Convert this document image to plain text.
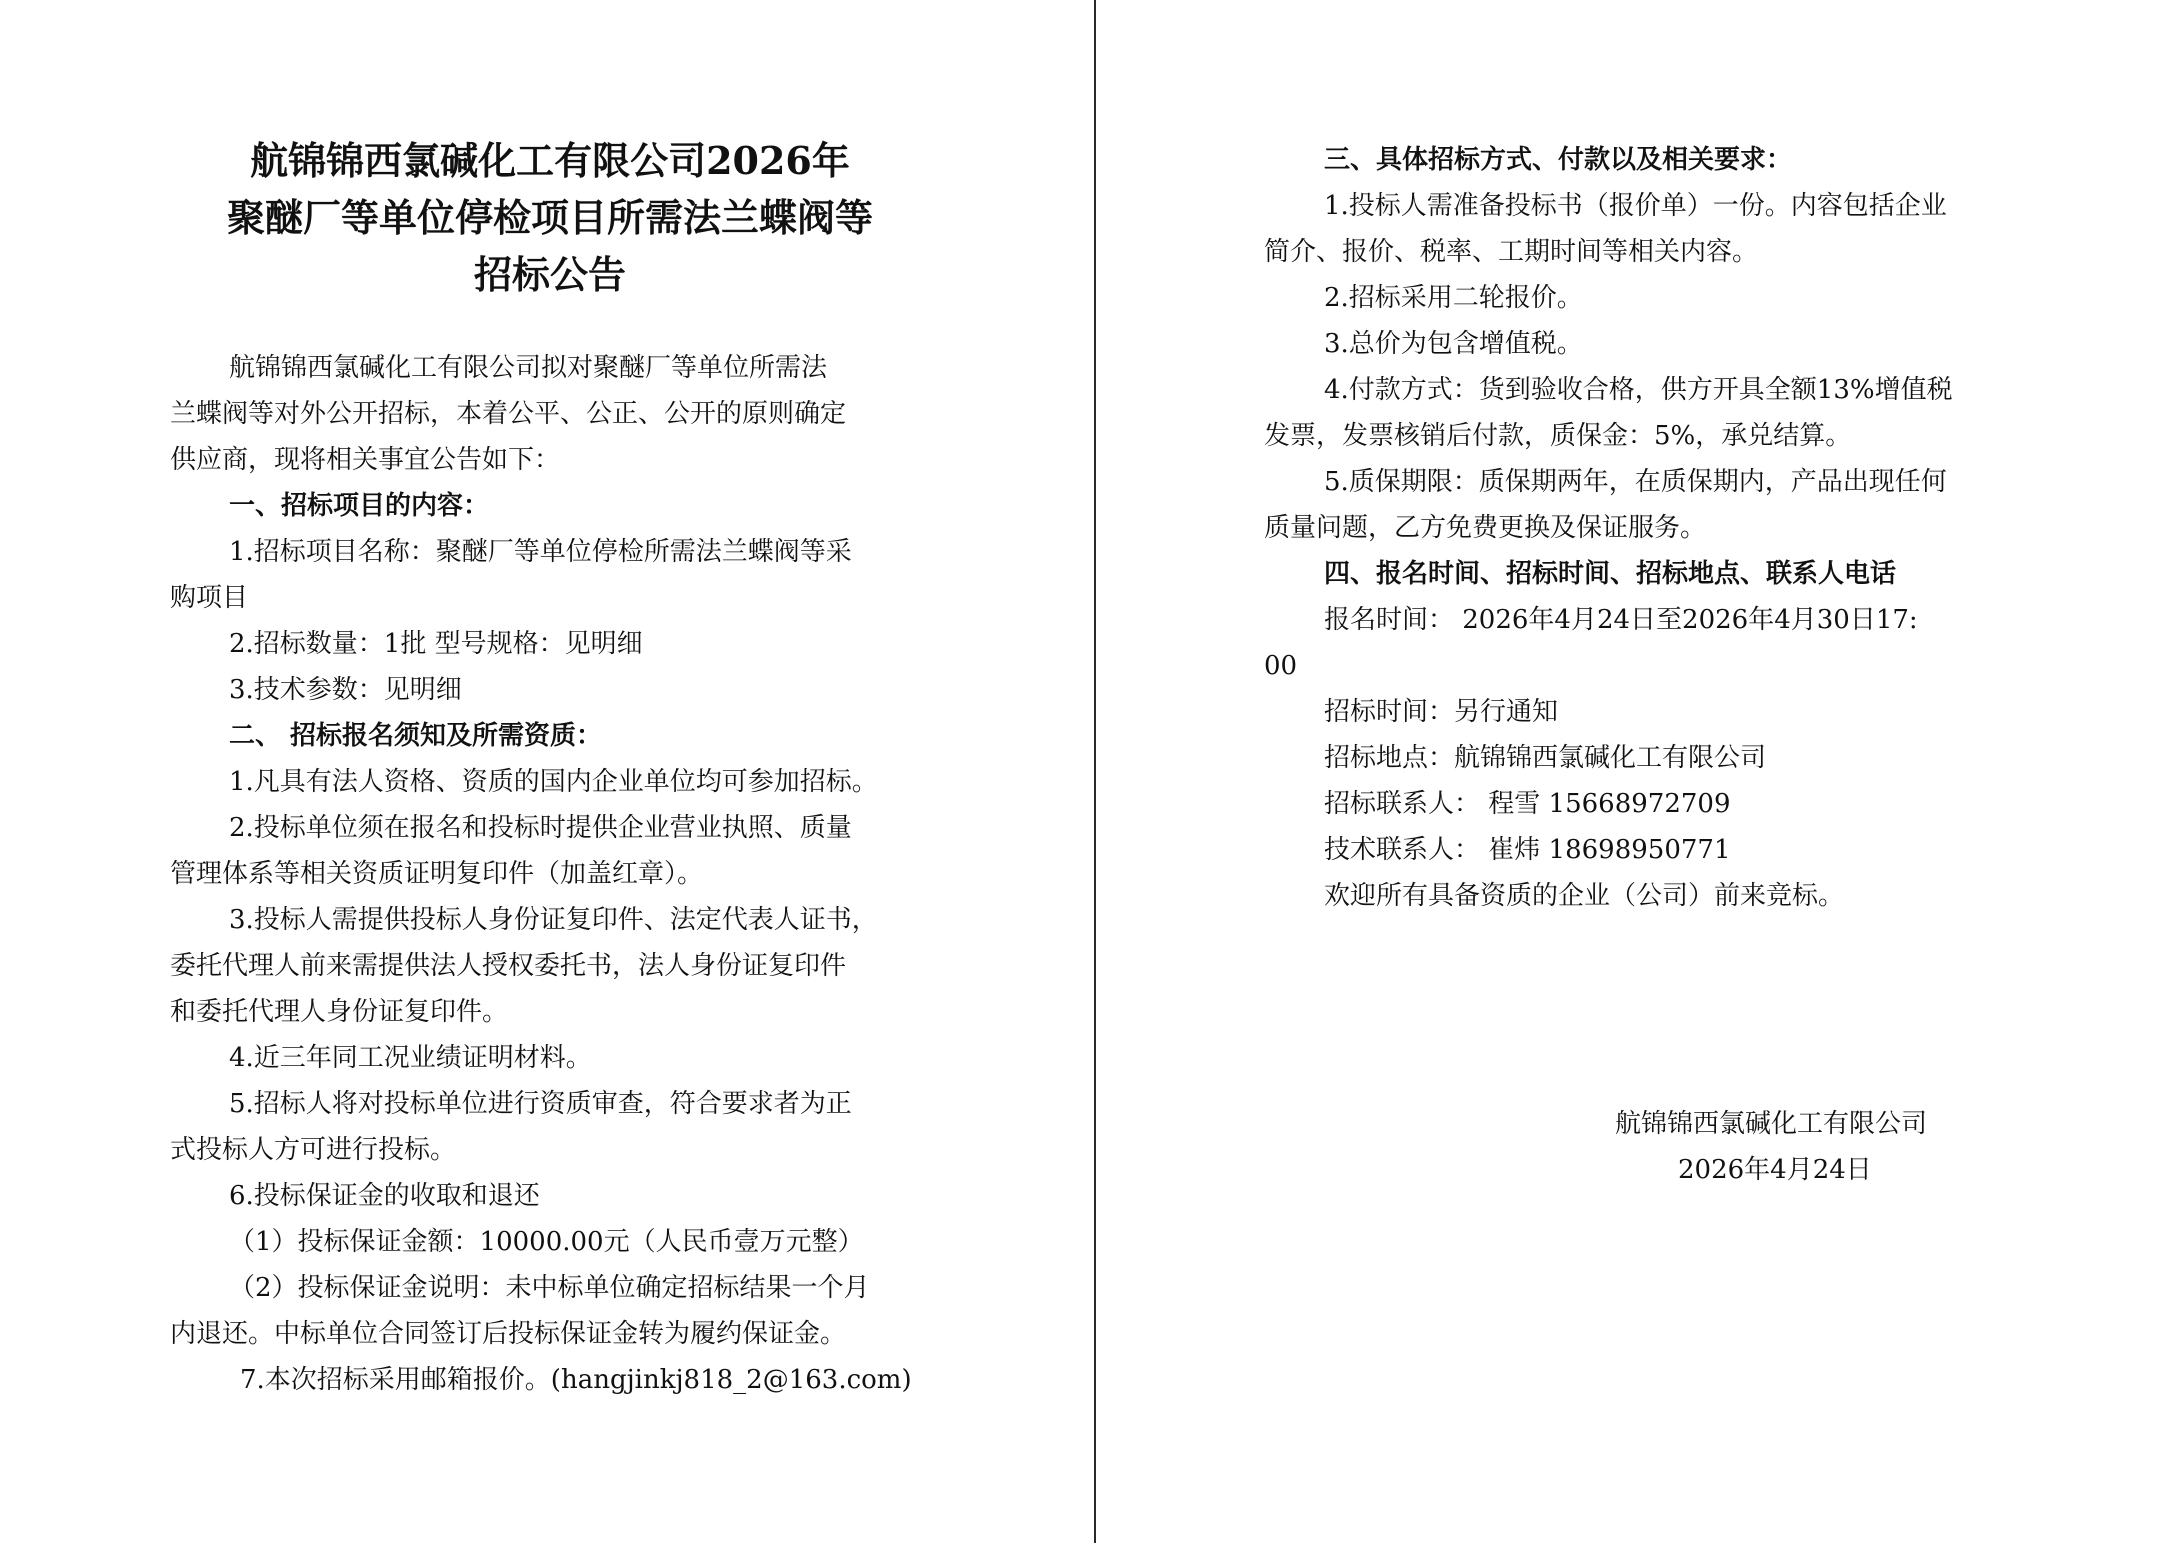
航锦锦西氯碱化工有限公司2026年
聚醚厂等单位停检项目所需法兰蝶阀等
招标公告
航锦锦西氯碱化工有限公司拟对聚醚厂等单位所需法
兰蝶阀等对外公开招标，本着公平、公正、公开的原则确定
供应商，现将相关事宜公告如下：
一、招标项目的内容：
1.招标项目名称：聚醚厂等单位停检所需法兰蝶阀等采
购项目
2.招标数量：1批 型号规格：见明细
3.技术参数：见明细
二、 招标报名须知及所需资质：
1.凡具有法人资格、资质的国内企业单位均可参加招标。
2.投标单位须在报名和投标时提供企业营业执照、质量
管理体系等相关资质证明复印件（加盖红章）。
3.投标人需提供投标人身份证复印件、法定代表人证书，
委托代理人前来需提供法人授权委托书，法人身份证复印件
和委托代理人身份证复印件。
4.近三年同工况业绩证明材料。
5.招标人将对投标单位进行资质审查，符合要求者为正
式投标人方可进行投标。
6.投标保证金的收取和退还
（1）投标保证金额：10000.00元（人民币壹万元整）
（2）投标保证金说明：未中标单位确定招标结果一个月
内退还。中标单位合同签订后投标保证金转为履约保证金。
7.本次招标采用邮箱报价。(hangjinkj818_2@163.com)
三、具体招标方式、付款以及相关要求：
1.投标人需准备投标书（报价单）一份。内容包括企业
简介、报价、税率、工期时间等相关内容。
2.招标采用二轮报价。
3.总价为包含增值税。
4.付款方式：货到验收合格，供方开具全额13%增值税
发票，发票核销后付款，质保金：5%，承兑结算。
5.质保期限：质保期两年，在质保期内，产品出现任何
质量问题，乙方免费更换及保证服务。
四、报名时间、招标时间、招标地点、联系人电话
报名时间： 2026年4月24日至2026年4月30日17:
00
招标时间：另行通知
招标地点：航锦锦西氯碱化工有限公司
招标联系人： 程雪 15668972709
技术联系人： 崔炜 18698950771
欢迎所有具备资质的企业（公司）前来竞标。
航锦锦西氯碱化工有限公司
2026年4月24日
